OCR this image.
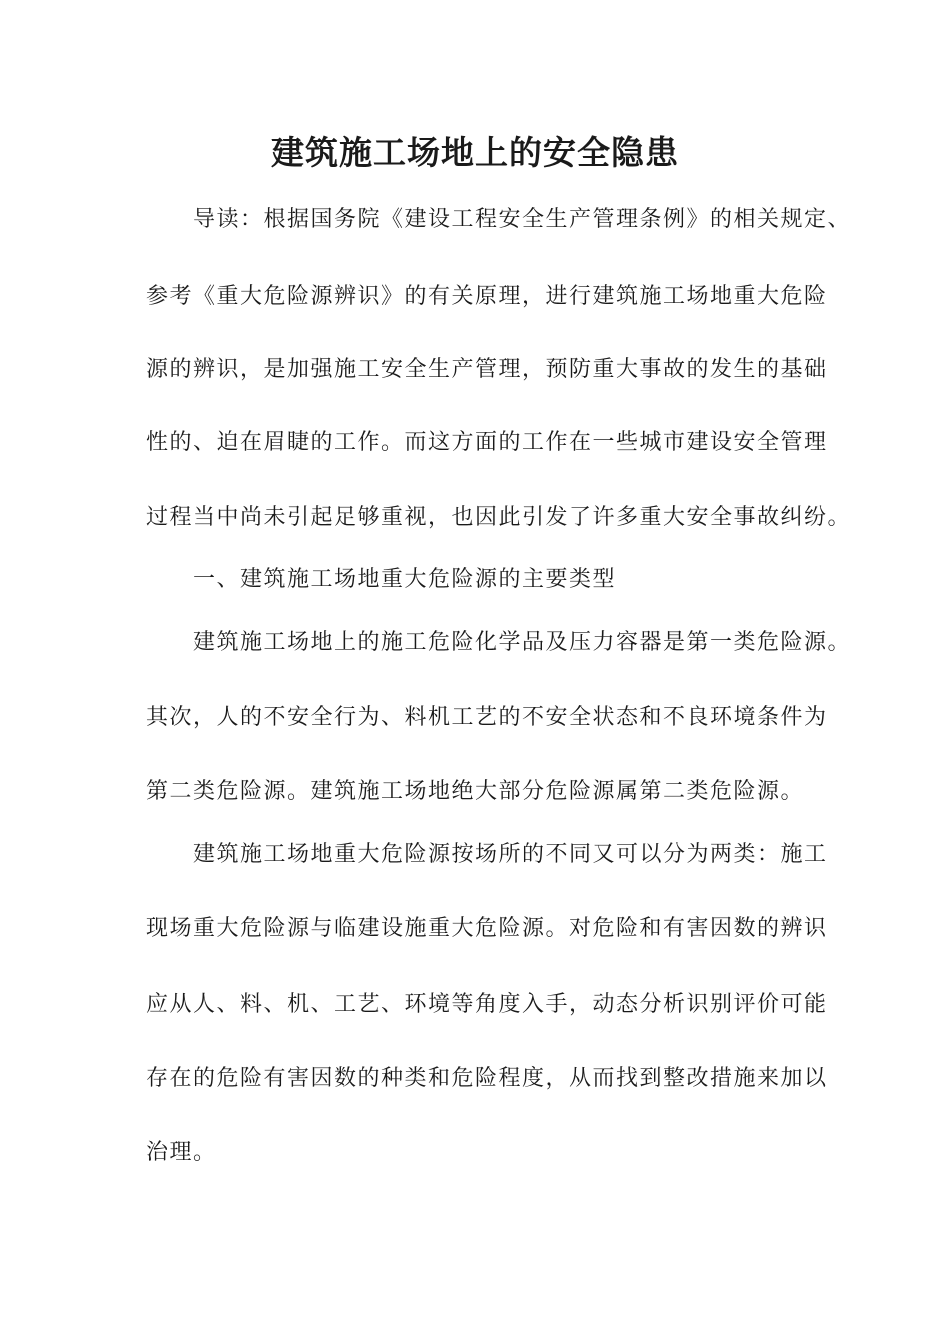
建筑施工场地上的安全隐患
导读：根据国务院《建设工程安全生产管理条例》的相关规定、
参考《重大危险源辨识》的有关原理，进行建筑施工场地重大危险
源的辨识，是加强施工安全生产管理，预防重大事故的发生的基础
性的、迫在眉睫的工作。而这方面的工作在一些城市建设安全管理
过程当中尚未引起足够重视，也因此引发了许多重大安全事故纠纷。
一、建筑施工场地重大危险源的主要类型
建筑施工场地上的施工危险化学品及压力容器是第一类危险源。
其次，人的不安全行为、料机工艺的不安全状态和不良环境条件为
第二类危险源。建筑施工场地绝大部分危险源属第二类危险源。
建筑施工场地重大危险源按场所的不同又可以分为两类：施工
现场重大危险源与临建设施重大危险源。对危险和有害因数的辨识
应从人、料、机、工艺、环境等角度入手，动态分析识别评价可能
存在的危险有害因数的种类和危险程度，从而找到整改措施来加以
治理。
